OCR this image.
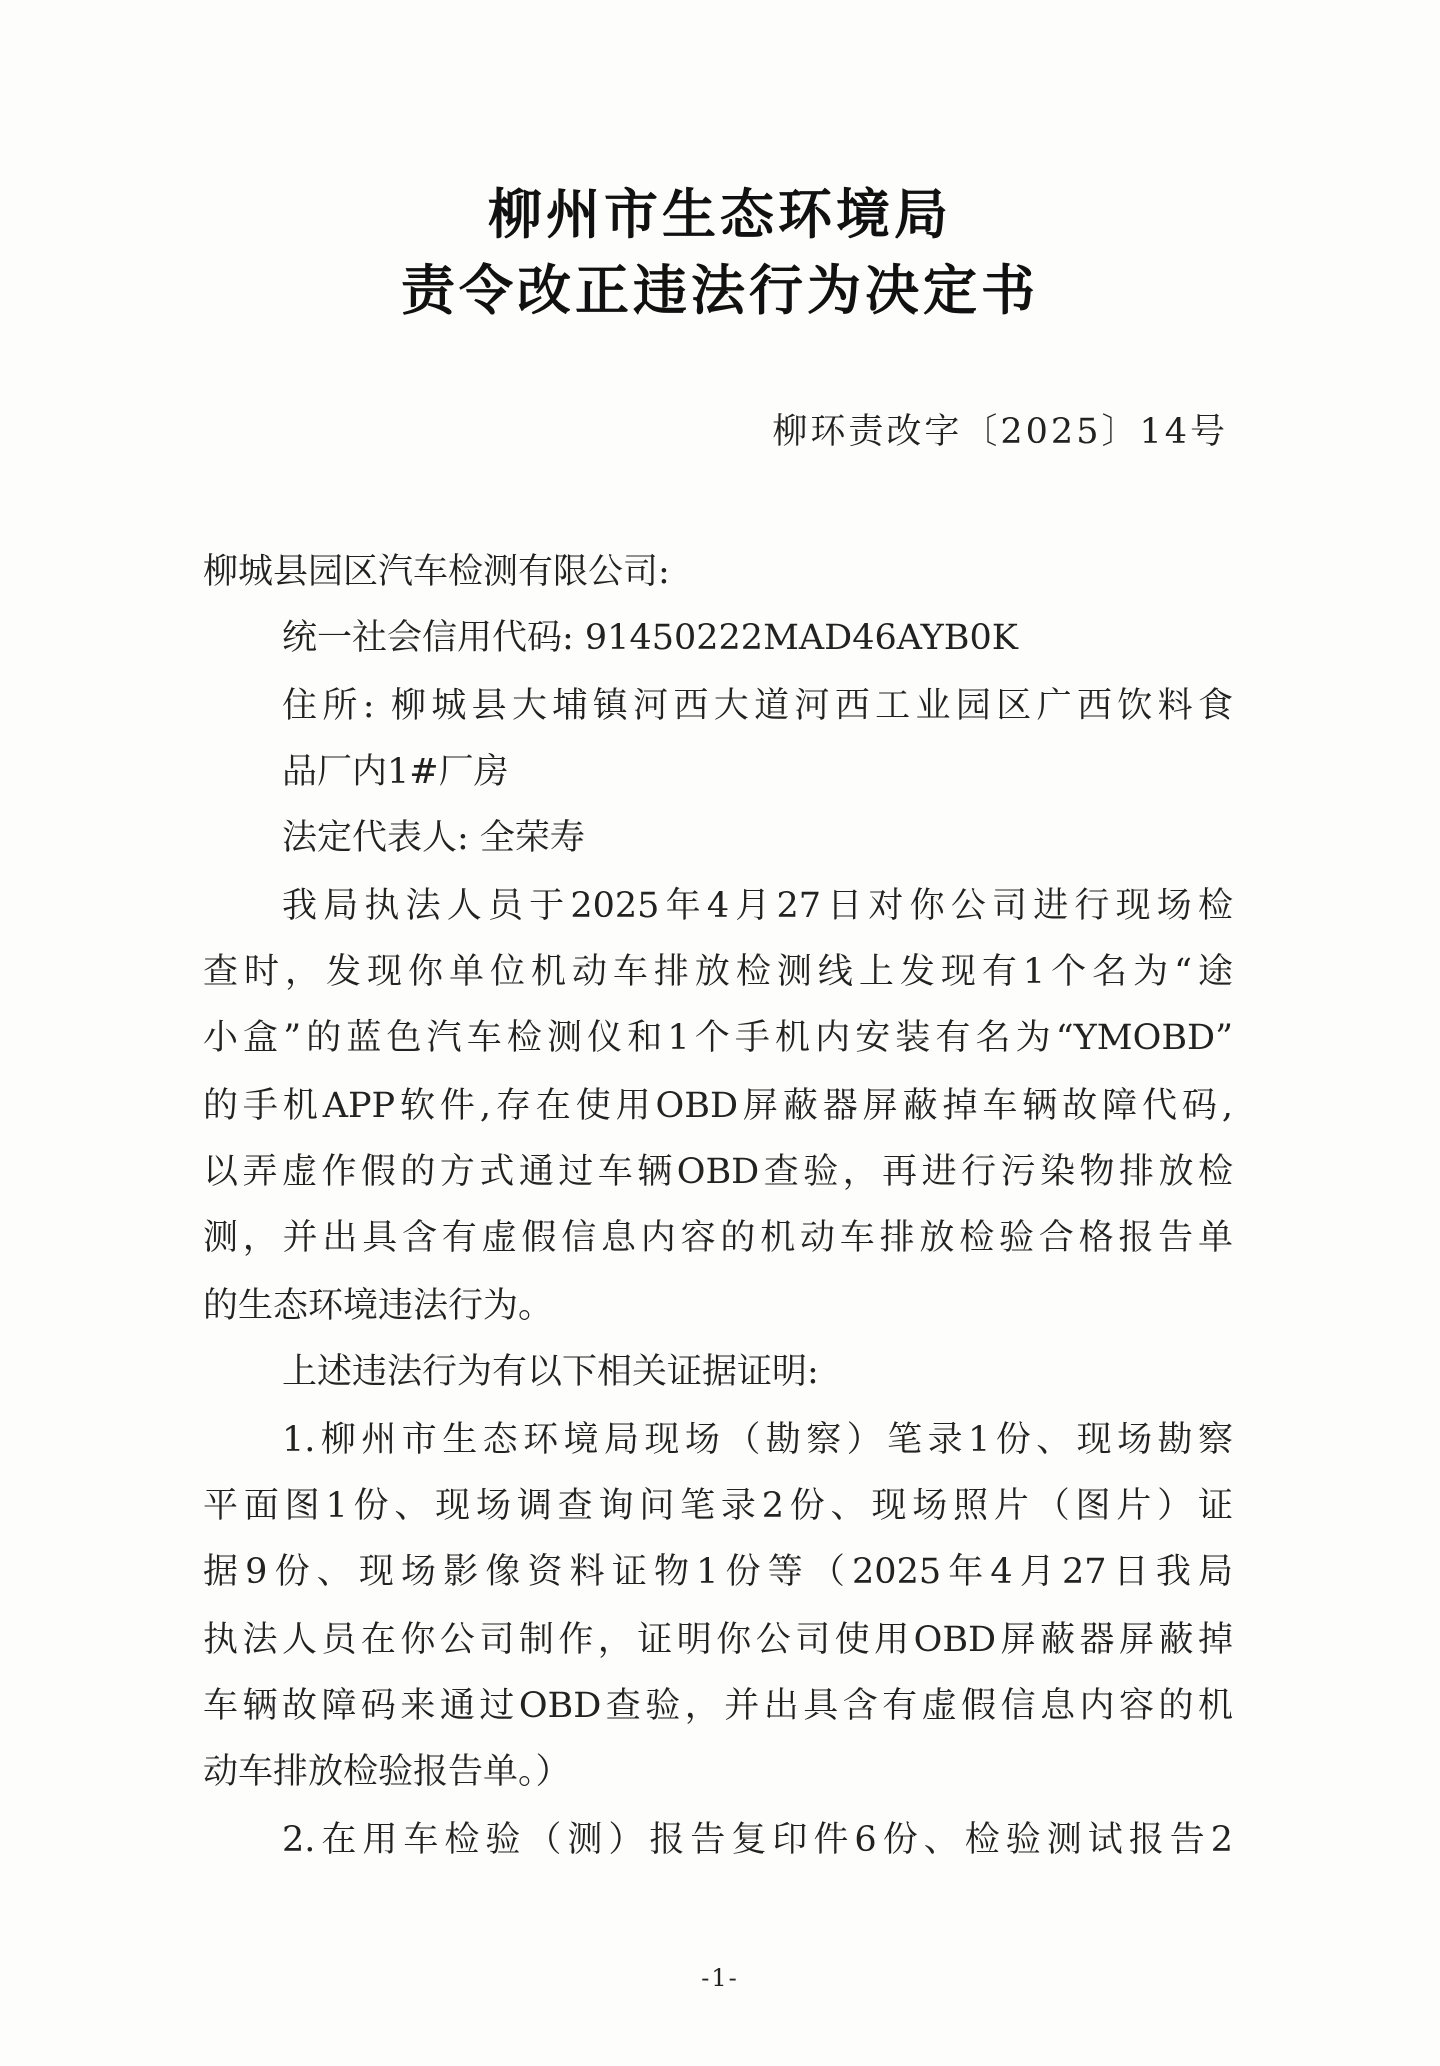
柳州市生态环境局
责令改正违法行为决定书
柳环责改字〔2025〕14号
柳城县园区汽车检测有限公司:
统一社会信用代码: 91450222MAD46AYB0K
住所: 柳城县大埔镇河西大道河西工业园区广西饮料食
品厂内1#厂房
法定代表人: 全荣寿
我局执法人员于2025年4月27日对你公司进行现场检
查时，发现你单位机动车排放检测线上发现有1个名为“途
小盒”的蓝色汽车检测仪和1个手机内安装有名为“YMOBD”
的手机APP软件,存在使用OBD屏蔽器屏蔽掉车辆故障代码,
以弄虚作假的方式通过车辆OBD查验，再进行污染物排放检
测，并出具含有虚假信息内容的机动车排放检验合格报告单
的生态环境违法行为。
上述违法行为有以下相关证据证明:
1.柳州市生态环境局现场（勘察）笔录1份、现场勘察
平面图1份、现场调查询问笔录2份、现场照片（图片）证
据9份、现场影像资料证物1份等（2025年4月27日我局
执法人员在你公司制作，证明你公司使用OBD屏蔽器屏蔽掉
车辆故障码来通过OBD查验，并出具含有虚假信息内容的机
动车排放检验报告单。）
2.在用车检验（测）报告复印件6份、检验测试报告2
-1-
